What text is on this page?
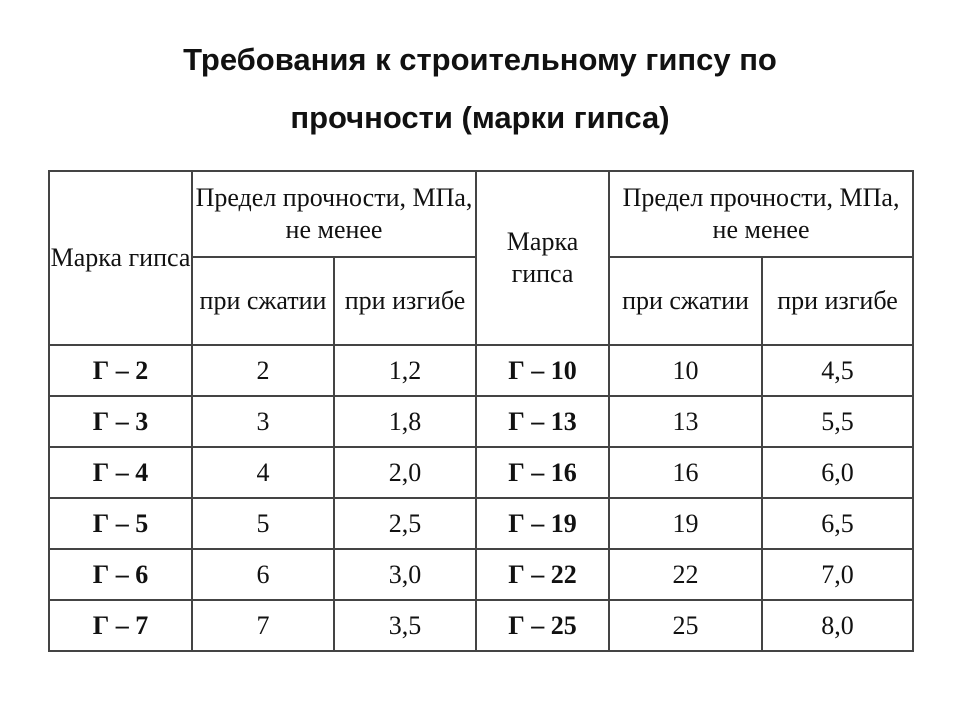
Требования к строительному гипсу по
прочности (марки гипса)
Марка гипса	Предел прочности, МПа, не менее		Марка гипса	Предел прочности, МПа, не менее	
	при сжатии	при изгибе		при сжатии	при изгибе
Г – 2	2	1,2	Г – 10	10	4,5
Г – 3	3	1,8	Г – 13	13	5,5
Г – 4	4	2,0	Г – 16	16	6,0
Г – 5	5	2,5	Г – 19	19	6,5
Г – 6	6	3,0	Г – 22	22	7,0
Г – 7	7	3,5	Г – 25	25	8,0
